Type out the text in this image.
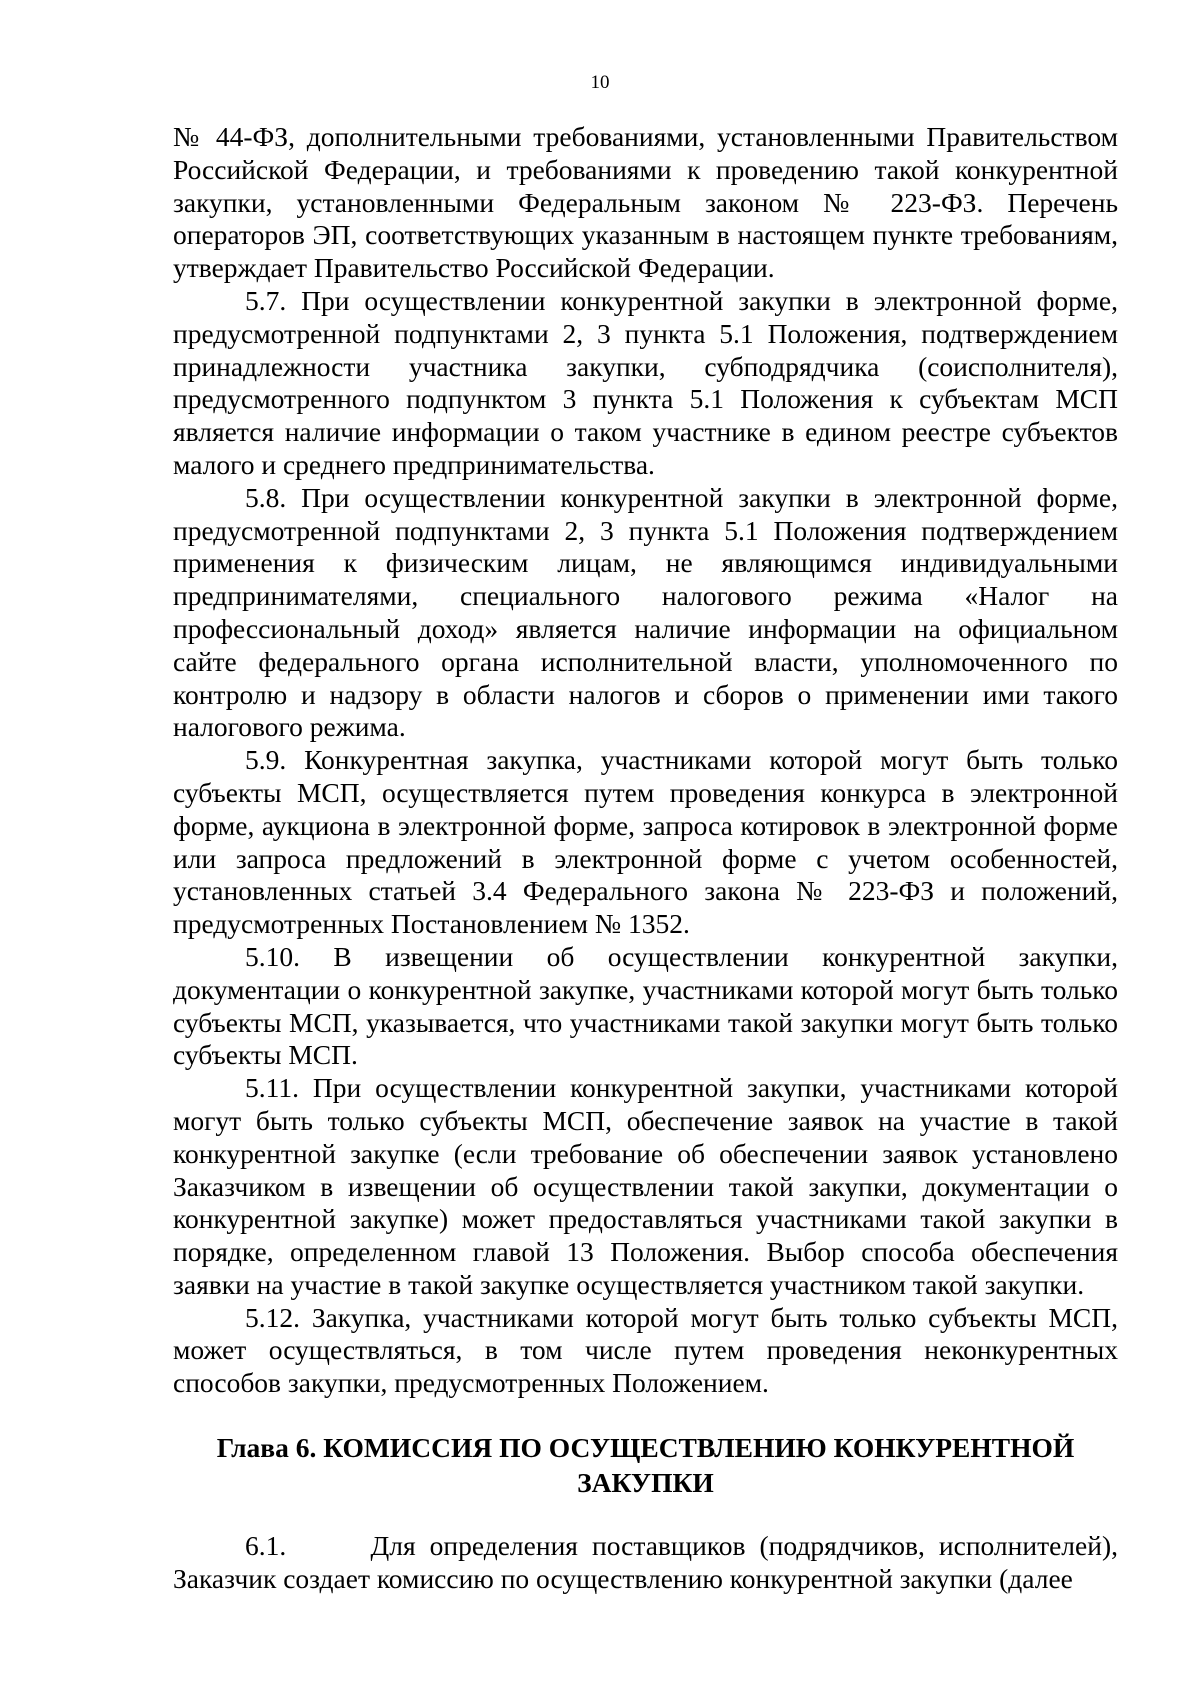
10

№ 44-ФЗ, дополнительными требованиями, установленными Правительством Российской Федерации, и требованиями к проведению такой конкурентной закупки, установленными Федеральным законом № 223-ФЗ. Перечень операторов ЭП, соответствующих указанным в настоящем пункте требованиям, утверждает Правительство Российской Федерации.

5.7. При осуществлении конкурентной закупки в электронной форме, предусмотренной подпунктами 2, 3 пункта 5.1 Положения, подтверждением принадлежности участника закупки, субподрядчика (соисполнителя), предусмотренного подпунктом 3 пункта 5.1 Положения к субъектам МСП является наличие информации о таком участнике в едином реестре субъектов малого и среднего предпринимательства.

5.8. При осуществлении конкурентной закупки в электронной форме, предусмотренной подпунктами 2, 3 пункта 5.1 Положения подтверждением применения к физическим лицам, не являющимся индивидуальными предпринимателями, специального налогового режима «Налог на профессиональный доход» является наличие информации на официальном сайте федерального органа исполнительной власти, уполномоченного по контролю и надзору в области налогов и сборов о применении ими такого налогового режима.

5.9. Конкурентная закупка, участниками которой могут быть только субъекты МСП, осуществляется путем проведения конкурса в электронной форме, аукциона в электронной форме, запроса котировок в электронной форме или запроса предложений в электронной форме с учетом особенностей, установленных статьей 3.4 Федерального закона № 223-ФЗ и положений, предусмотренных Постановлением № 1352.

5.10. В извещении об осуществлении конкурентной закупки, документации о конкурентной закупке, участниками которой могут быть только субъекты МСП, указывается, что участниками такой закупки могут быть только субъекты МСП.

5.11. При осуществлении конкурентной закупки, участниками которой могут быть только субъекты МСП, обеспечение заявок на участие в такой конкурентной закупке (если требование об обеспечении заявок установлено Заказчиком в извещении об осуществлении такой закупки, документации о конкурентной закупке) может предоставляться участниками такой закупки в порядке, определенном главой 13 Положения. Выбор способа обеспечения заявки на участие в такой закупке осуществляется участником такой закупки.

5.12. Закупка, участниками которой могут быть только субъекты МСП, может осуществляться, в том числе путем проведения неконкурентных способов закупки, предусмотренных Положением.

Глава 6. КОМИССИЯ ПО ОСУЩЕСТВЛЕНИЮ КОНКУРЕНТНОЙ
ЗАКУПКИ

6.1.      Для определения поставщиков (подрядчиков, исполнителей), Заказчик создает комиссию по осуществлению конкурентной закупки (далее
